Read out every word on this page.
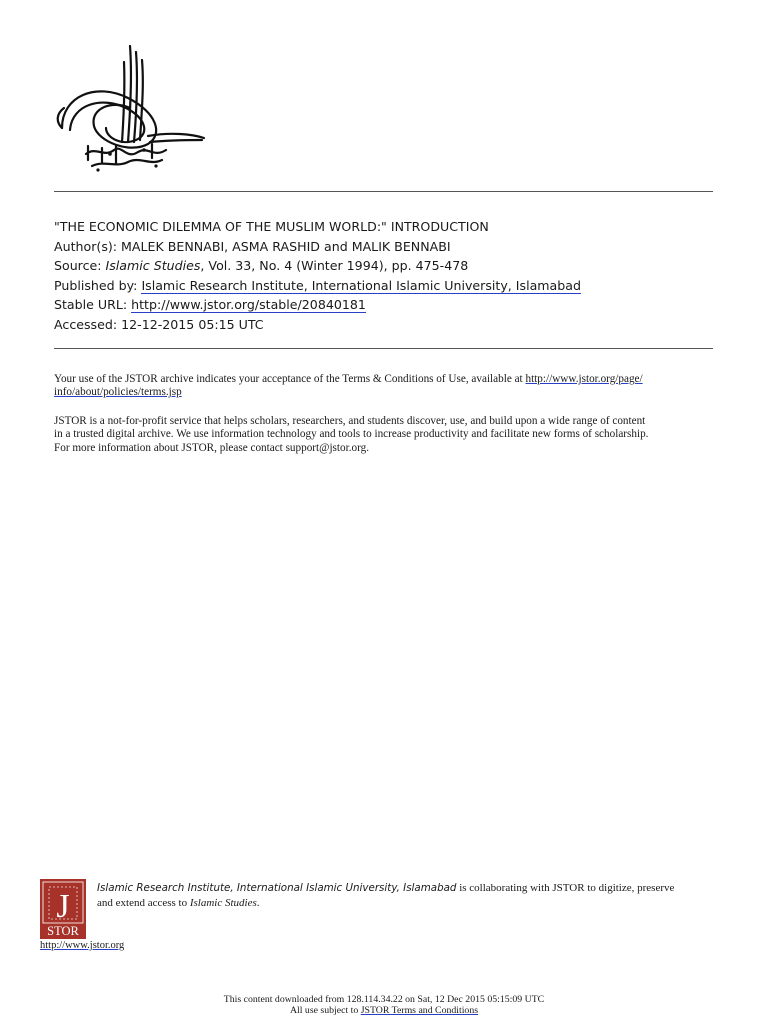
"THE ECONOMIC DILEMMA OF THE MUSLIM WORLD:" INTRODUCTION
Author(s): MALEK BENNABI, ASMA RASHID and MALIK BENNABI
Source: Islamic Studies, Vol. 33, No. 4 (Winter 1994), pp. 475-478
Published by: Islamic Research Institute, International Islamic University, Islamabad
Stable URL: http://www.jstor.org/stable/20840181
Accessed: 12-12-2015 05:15 UTC
Your use of the JSTOR archive indicates your acceptance of the Terms & Conditions of Use, available at http://www.jstor.org/page/
info/about/policies/terms.jsp
JSTOR is a not-for-profit service that helps scholars, researchers, and students discover, use, and build upon a wide range of content
in a trusted digital archive. We use information technology and tools to increase productivity and facilitate new forms of scholarship.
For more information about JSTOR, please contact support@jstor.org.
J
STOR
http://www.jstor.org
Islamic Research Institute, International Islamic University, Islamabad is collaborating with JSTOR to digitize, preserve
and extend access to Islamic Studies.
This content downloaded from 128.114.34.22 on Sat, 12 Dec 2015 05:15:09 UTC
All use subject to JSTOR Terms and Conditions
